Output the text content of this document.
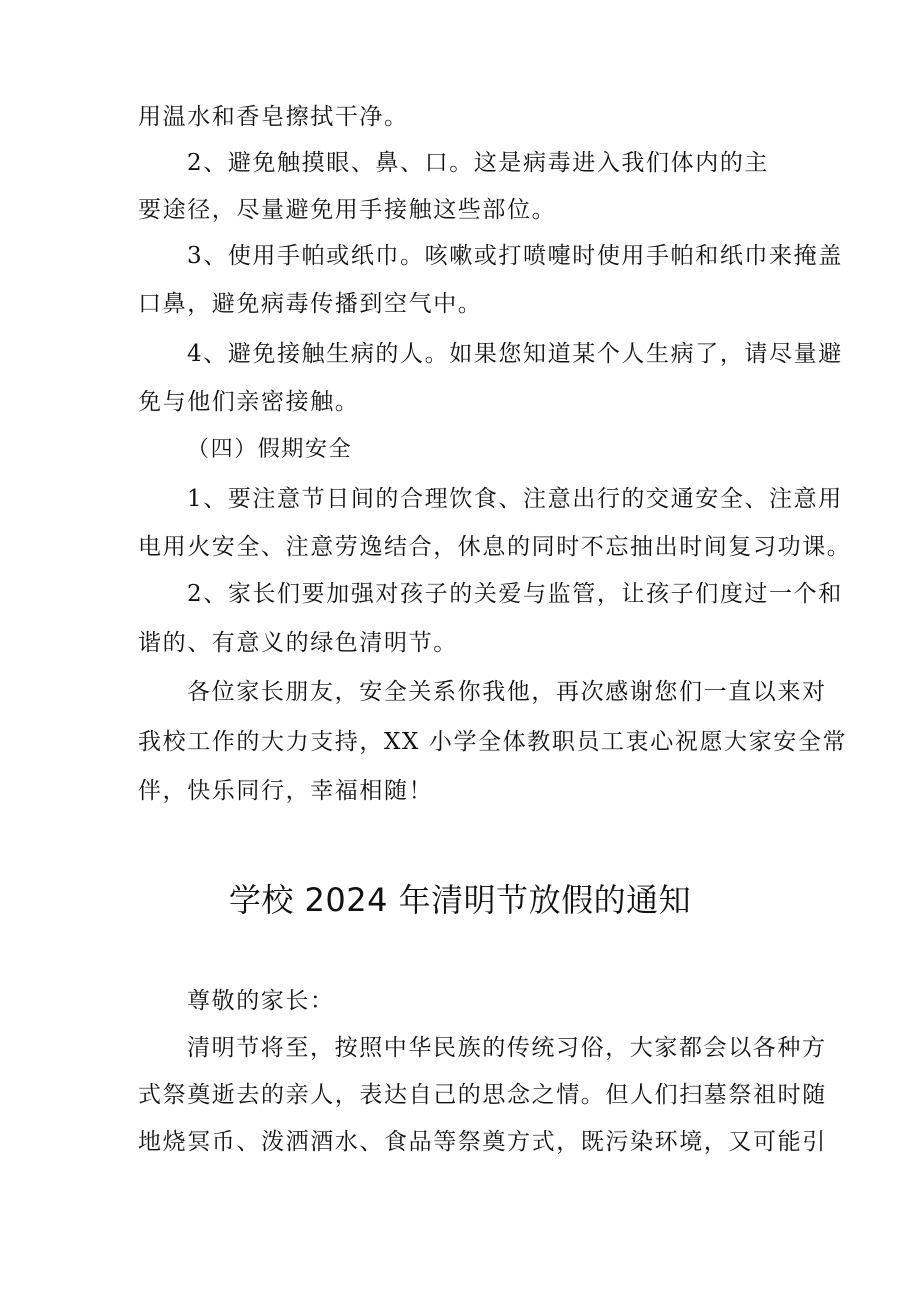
用温水和香皂擦拭干净。
2、避免触摸眼、鼻、口。这是病毒进入我们体内的主
要途径，尽量避免用手接触这些部位。
3、使用手帕或纸巾。咳嗽或打喷嚏时使用手帕和纸巾来掩盖
口鼻，避免病毒传播到空气中。
4、避免接触生病的人。如果您知道某个人生病了，请尽量避
免与他们亲密接触。
（四）假期安全
1、要注意节日间的合理饮食、注意出行的交通安全、注意用
电用火安全、注意劳逸结合，休息的同时不忘抽出时间复习功课。
2、家长们要加强对孩子的关爱与监管，让孩子们度过一个和
谐的、有意义的绿色清明节。
各位家长朋友，安全关系你我他，再次感谢您们一直以来对
我校工作的大力支持，XX 小学全体教职员工衷心祝愿大家安全常
伴，快乐同行，幸福相随！
学校 2024 年清明节放假的通知
尊敬的家长：
清明节将至，按照中华民族的传统习俗，大家都会以各种方
式祭奠逝去的亲人，表达自己的思念之情。但人们扫墓祭祖时随
地烧冥币、泼洒酒水、食品等祭奠方式，既污染环境，又可能引
